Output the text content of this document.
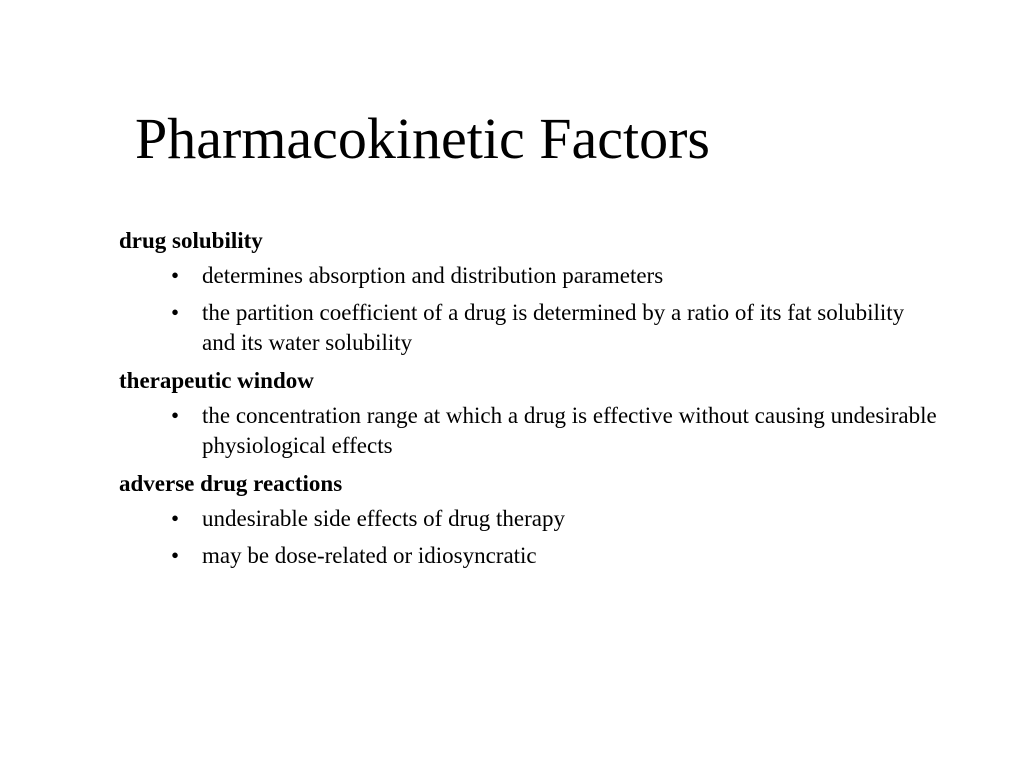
Pharmacokinetic Factors
drug solubility
• determines absorption and distribution parameters
• the partition coefficient of a drug is determined by a ratio of its fat solubility and its water solubility
therapeutic window
• the concentration range at which a drug is effective without causing undesirable physiological effects
adverse drug reactions
• undesirable side effects of drug therapy
• may be dose-related or idiosyncratic
